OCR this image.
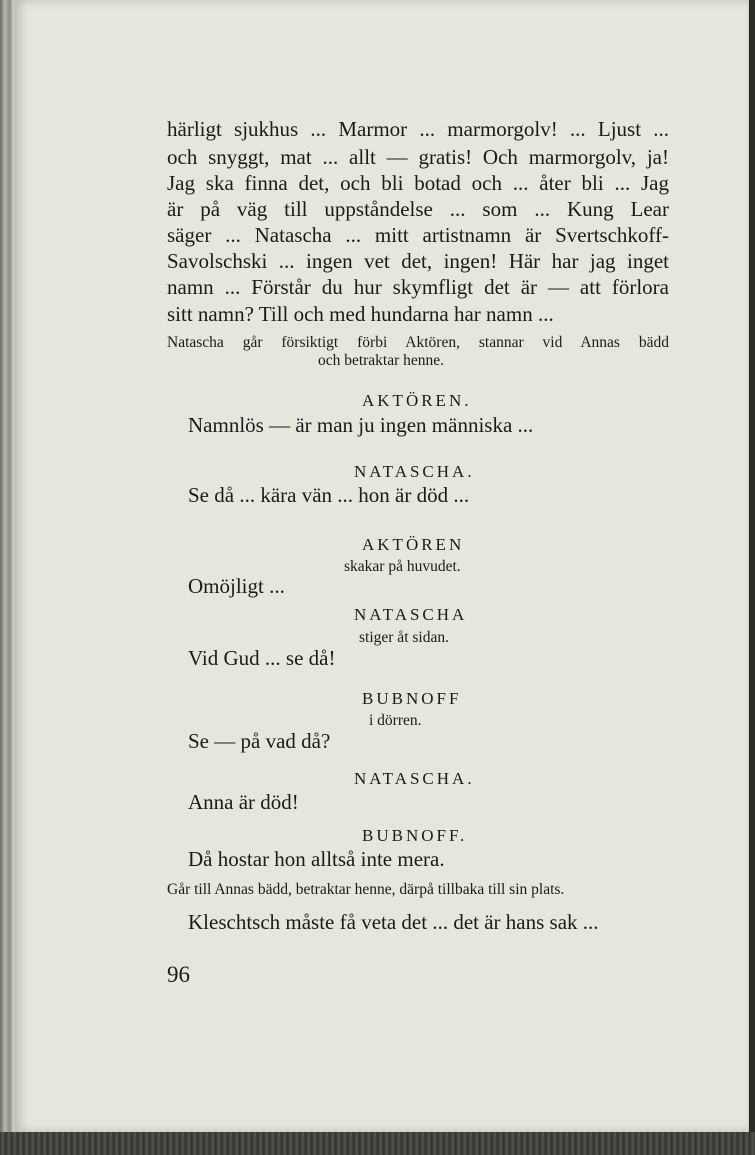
härligt sjukhus ... Marmor ... marmorgolv! ... Ljust ...
och snyggt, mat ... allt — gratis! Och marmorgolv, ja!
Jag ska finna det, och bli botad och ... åter bli ... Jag
är på väg till uppståndelse ... som ... Kung Lear
säger ... Natascha ... mitt artistnamn är Svertschkoff-
Savolschski ... ingen vet det, ingen! Här har jag inget
namn ... Förstår du hur skymfligt det är — att förlora
sitt namn? Till och med hundarna har namn ...
Natascha går försiktigt förbi Aktören, stannar vid Annas bädd
och betraktar henne.
AKTÖREN.
Namnlös — är man ju ingen människa ...
NATASCHA.
Se då ... kära vän ... hon är död ...
AKTÖREN
skakar på huvudet.
Omöjligt ...
NATASCHA
stiger åt sidan.
Vid Gud ... se då!
BUBNOFF
i dörren.
Se — på vad då?
NATASCHA.
Anna är död!
BUBNOFF.
Då hostar hon alltså inte mera.
Går till Annas bädd, betraktar henne, därpå tillbaka till sin plats.
Kleschtsch måste få veta det ... det är hans sak ...
96
